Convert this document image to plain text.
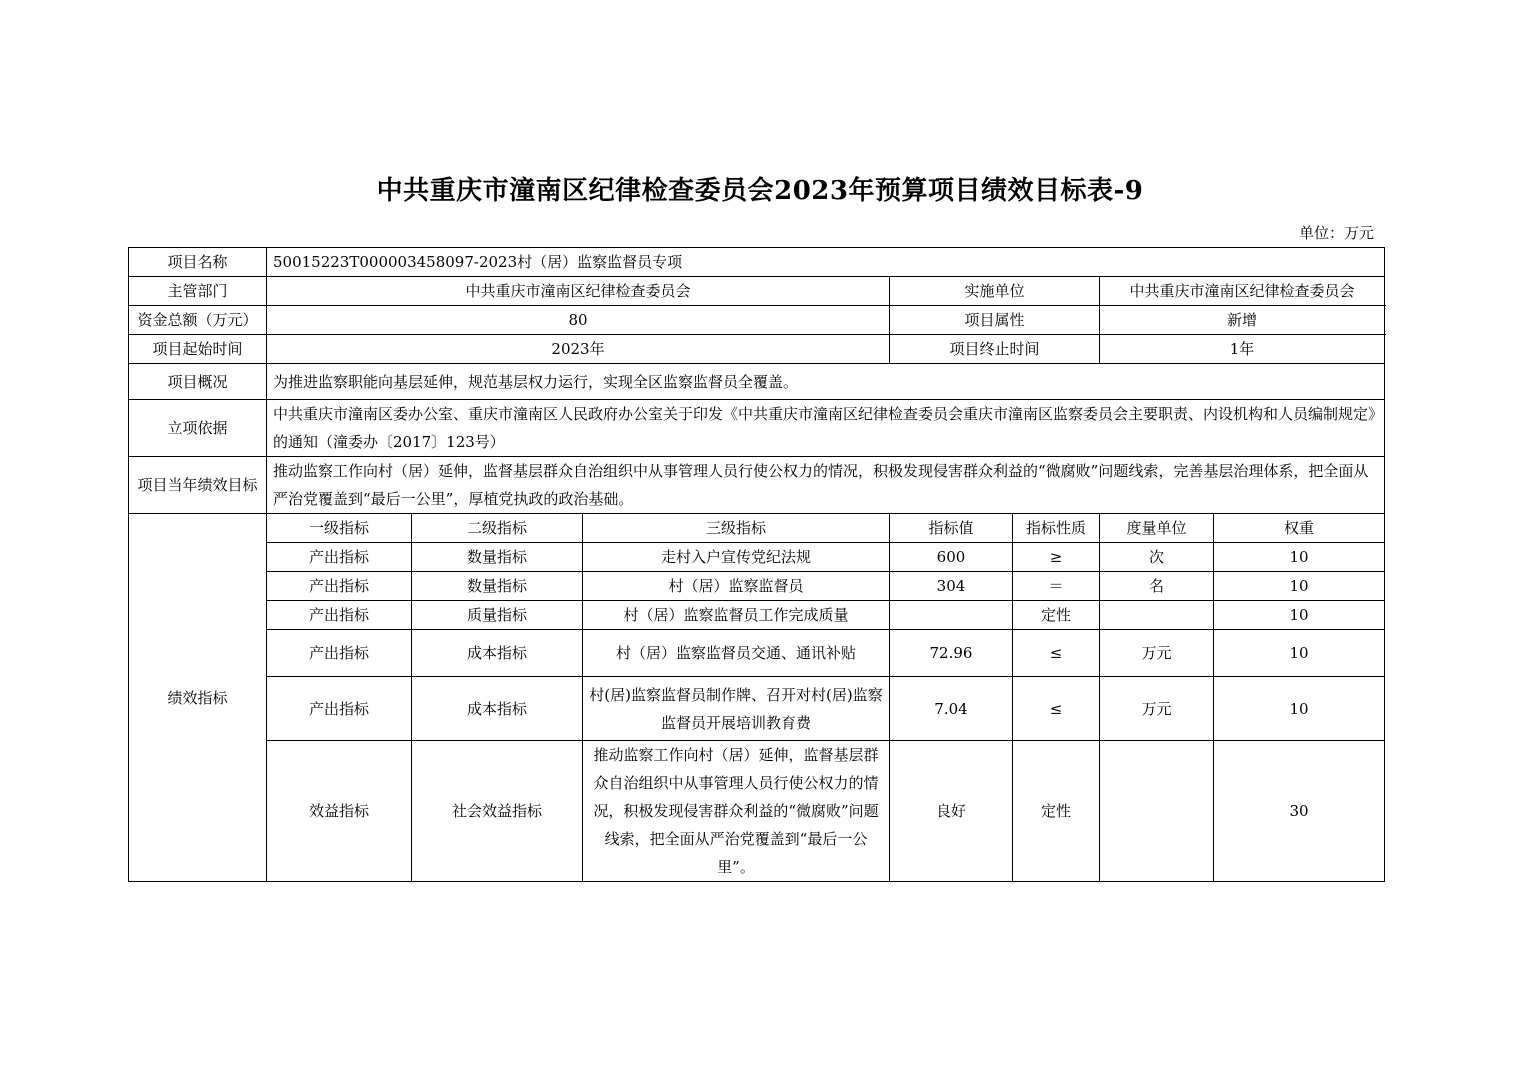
中共重庆市潼南区纪律检查委员会2023年预算项目绩效目标表-9
单位：万元
项目名称	50015223T000003458097-2023村（居）监察监督员专项						
主管部门	中共重庆市潼南区纪律检查委员会			实施单位		中共重庆市潼南区纪律检查委员会	
资金总额（万元）	80			项目属性		新增	
项目起始时间	2023年			项目终止时间		1年	
项目概况	为推进监察职能向基层延伸，规范基层权力运行，实现全区监察监督员全覆盖。						
立项依据	中共重庆市潼南区委办公室、重庆市潼南区人民政府办公室关于印发《中共重庆市潼南区纪律检查委员会重庆市潼南区监察委员会主要职责、内设机构和人员编制规定》的通知（潼委办〔2017〕123号）						
项目当年绩效目标	推动监察工作向村（居）延伸，监督基层群众自治组织中从事管理人员行使公权力的情况，积极发现侵害群众利益的“微腐败”问题线索，完善基层治理体系，把全面从严治党覆盖到“最后一公里”，厚植党执政的政治基础。						
绩效指标	一级指标	二级指标	三级指标	指标值	指标性质	度量单位	权重
	产出指标	数量指标	走村入户宣传党纪法规	600	≥	次	10
	产出指标	数量指标	村（居）监察监督员	304	＝	名	10
	产出指标	质量指标	村（居）监察监督员工作完成质量		定性		10
	产出指标	成本指标	村（居）监察监督员交通、通讯补贴	72.96	≤	万元	10
	产出指标	成本指标	村(居)监察监督员制作牌、召开对村(居)监察监督员开展培训教育费	7.04	≤	万元	10
	效益指标	社会效益指标	推动监察工作向村（居）延伸，监督基层群众自治组织中从事管理人员行使公权力的情况，积极发现侵害群众利益的“微腐败”问题线索，把全面从严治党覆盖到“最后一公里”。	良好	定性		30
